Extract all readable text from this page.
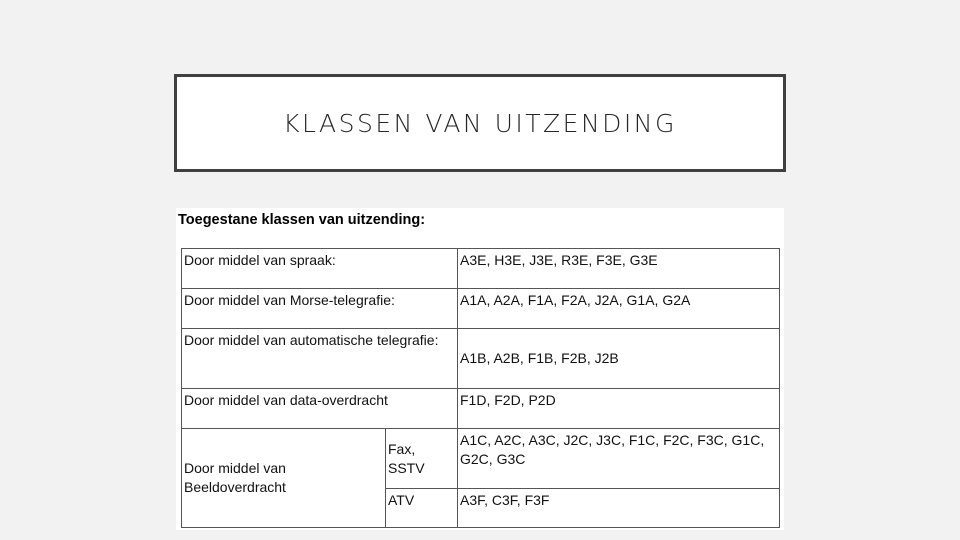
KLASSEN VAN UITZENDING
Toegestane klassen van uitzending:
Door middel van spraak:		A3E, H3E, J3E, R3E, F3E, G3E
Door middel van Morse-telegrafie:		A1A, A2A, F1A, F2A, J2A, G1A, G2A
Door middel van automatische telegrafie:		A1B, A2B, F1B, F2B, J2B
Door middel van data-overdracht		F1D, F2D, P2D
Door middel van Beeldoverdracht	Fax, SSTV	A1C, A2C, A3C, J2C, J3C, F1C, F2C, F3C, G1C, G2C, G3C
	ATV	A3F, C3F, F3F
